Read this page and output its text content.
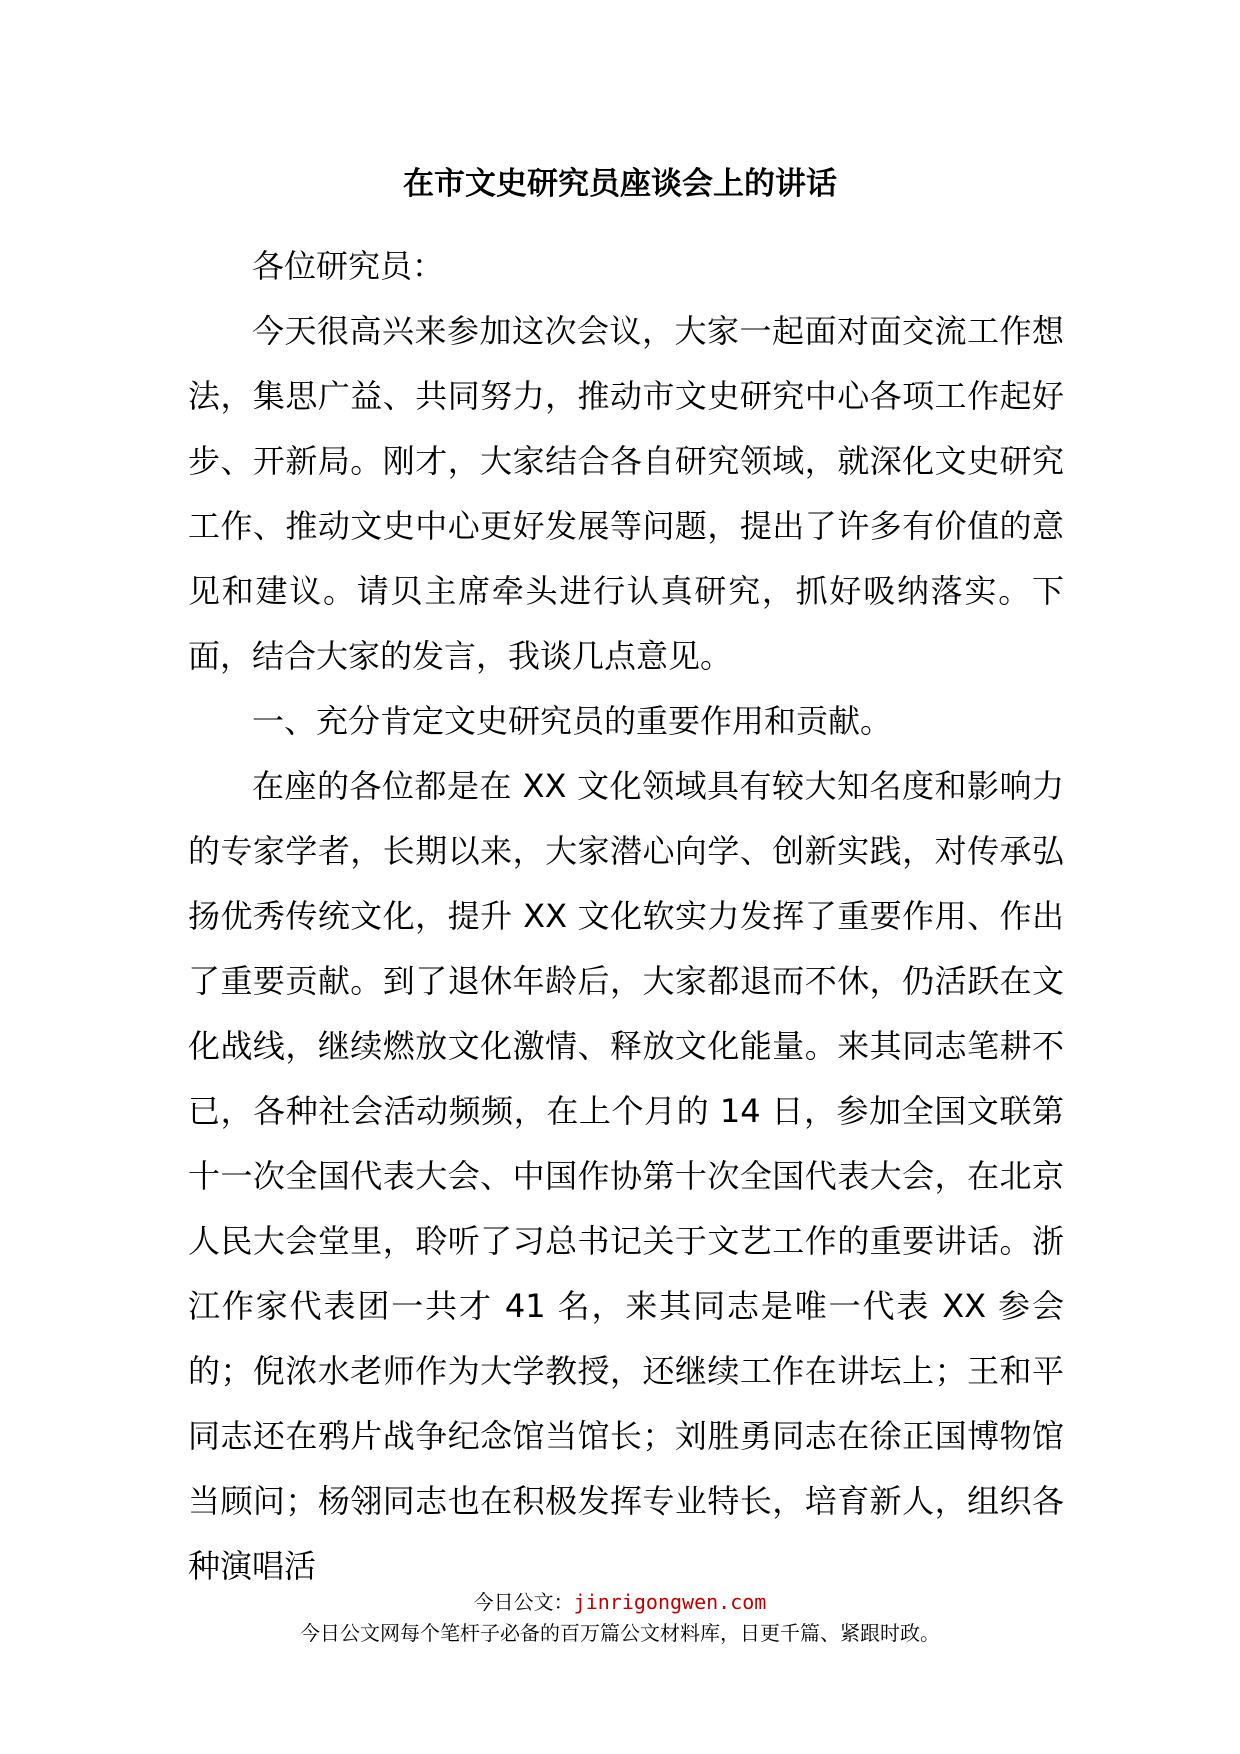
在市文史研究员座谈会上的讲话

各位研究员：

今天很高兴来参加这次会议，大家一起面对面交流工作想法，集思广益、共同努力，推动市文史研究中心各项工作起好步、开新局。刚才，大家结合各自研究领域，就深化文史研究工作、推动文史中心更好发展等问题，提出了许多有价值的意见和建议。请贝主席牵头进行认真研究，抓好吸纳落实。下面，结合大家的发言，我谈几点意见。

一、充分肯定文史研究员的重要作用和贡献。

在座的各位都是在 XX 文化领域具有较大知名度和影响力的专家学者，长期以来，大家潜心向学、创新实践，对传承弘扬优秀传统文化，提升 XX 文化软实力发挥了重要作用、作出了重要贡献。到了退休年龄后，大家都退而不休，仍活跃在文化战线，继续燃放文化激情、释放文化能量。来其同志笔耕不已，各种社会活动频频，在上个月的 14 日，参加全国文联第十一次全国代表大会、中国作协第十次全国代表大会，在北京人民大会堂里，聆听了习总书记关于文艺工作的重要讲话。浙江作家代表团一共才 41 名，来其同志是唯一代表 XX 参会的；倪浓水老师作为大学教授，还继续工作在讲坛上；王和平同志还在鸦片战争纪念馆当馆长；刘胜勇同志在徐正国博物馆当顾问；杨翎同志也在积极发挥专业特长，培育新人，组织各种演唱活

今日公文：jinrigongwen.com
今日公文网每个笔杆子必备的百万篇公文材料库，日更千篇、紧跟时政。
